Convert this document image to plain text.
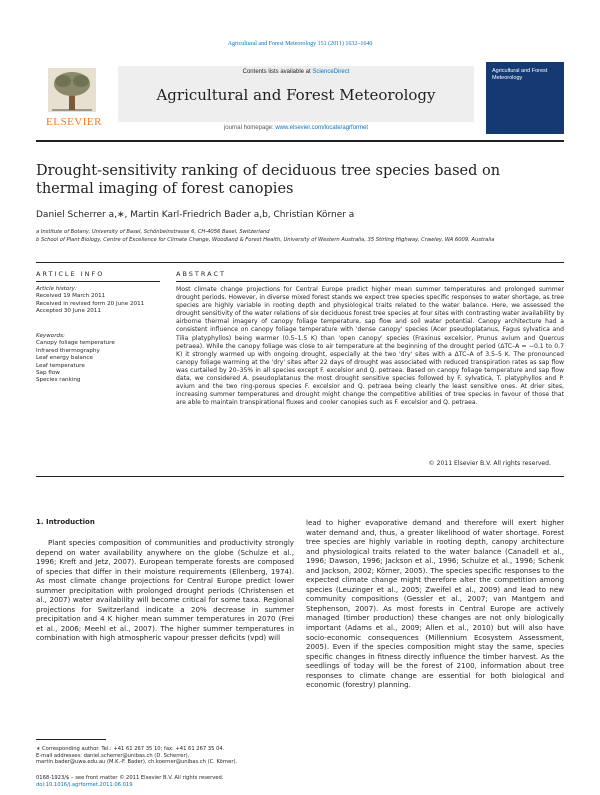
Agricultural and Forest Meteorology 151 (2011) 1632–1640
ELSEVIER
Contents lists available at ScienceDirect
Agricultural and Forest Meteorology
journal homepage: www.elsevier.com/locate/agrformet
Agricultural and Forest Meteorology
Drought-sensitivity ranking of deciduous tree species based on thermal imaging of forest canopies
Daniel Scherrer a,∗, Martin Karl-Friedrich Bader a,b, Christian Körner a
a Institute of Botany, University of Basel, Schönbeinstrasse 6, CH-4056 Basel, Switzerland
b School of Plant Biology, Centre of Excellence for Climate Change, Woodland & Forest Health, University of Western Australia, 35 Stirling Highway, Crawley, WA 6009, Australia
ARTICLE INFO	ABSTRACT
Article history:
Received 19 March 2011
Received in revised form 20 June 2011
Accepted 30 June 2011
Keywords:
Canopy foliage temperature
Infrared thermography
Leaf energy balance
Leaf temperature
Sap flow
Species ranking
Most climate change projections for Central Europe predict higher mean summer temperatures and prolonged summer drought periods. However, in diverse mixed forest stands we expect tree species specific responses to water shortage, as tree species are highly variable in rooting depth and physiological traits related to the water balance. Here, we assessed the drought sensitivity of the water relations of six deciduous forest tree species at four sites with contrasting water availability by airborne thermal imagery of canopy foliage temperature, sap flow and soil water potential. Canopy architecture had a consistent influence on canopy foliage temperature with 'dense canopy' species (Acer pseudoplatanus, Fagus sylvatica and Tilia platyphyllos) being warmer (0.5–1.5 K) than 'open canopy' species (Fraxinus excelsior, Prunus avium and Quercus petraea). While the canopy foliage was close to air temperature at the beginning of the drought period (ΔTC–A = −0.1 to 0.7 K) it strongly warmed up with ongoing drought, especially at the two 'dry' sites with a ΔTC–A of 3.5–5 K. The pronounced canopy foliage warming at the 'dry' sites after 22 days of drought was associated with reduced transpiration rates as sap flow was curtailed by 20–35% in all species except F. excelsior and Q. petraea. Based on canopy foliage temperature and sap flow data, we considered A. pseudoplatanus the most drought sensitive species followed by F. sylvatica, T. platyphyllos and P. avium and the two ring-porous species F. excelsior and Q. petraea being clearly the least sensitive ones. At drier sites, increasing summer temperatures and drought might change the competitive abilities of tree species in favour of those that are able to maintain transpirational fluxes and cooler canopies such as F. excelsior and Q. petraea.
© 2011 Elsevier B.V. All rights reserved.
1. Introduction
Plant species composition of communities and productivity strongly depend on water availability anywhere on the globe (Schulze et al., 1996; Kreft and Jetz, 2007). European temperate forests are composed of species that differ in their moisture requirements (Ellenberg, 1974). As most climate change projections for Central Europe predict lower summer precipitation with prolonged drought periods (Christensen et al., 2007) water availability will become critical for some taxa. Regional projections for Switzerland indicate a 20% decrease in summer precipitation and 4 K higher mean summer temperatures in 2070 (Frei et al., 2006; Meehl et al., 2007). The higher summer temperatures in combination with high atmospheric vapour presser deficits (vpd) will
lead to higher evaporative demand and therefore will exert higher water demand and, thus, a greater likelihood of water shortage. Forest tree species are highly variable in rooting depth, canopy architecture and physiological traits related to the water balance (Canadell et al., 1996; Dawson, 1996; Jackson et al., 1996; Schulze et al., 1996; Schenk and Jackson, 2002; Körner, 2005). The species specific responses to the expected climate change might therefore alter the competition among species (Leuzinger et al., 2005; Zweifel et al., 2009) and lead to new community compositions (Gessler et al., 2007; van Mantgem and Stephenson, 2007). As most forests in Central Europe are actively managed (timber production) these changes are not only biologically important (Adams et al., 2009; Allen et al., 2010) but will also have socio-economic consequences (Millennium Ecosystem Assessment, 2005). Even if the species composition might stay the same, species specific changes in fitness directly influence the timber harvest. As the seedlings of today will be the forest of 2100, information about tree responses to climate change are essential for both biological and economic (forestry) planning.
∗ Corresponding author. Tel.: +41 61 267 35 10; fax: +41 61 267 35 04.
E-mail addresses: daniel.scherrer@unibas.ch (D. Scherrer),
martin.bader@uwa.edu.au (M.K.-F. Bader), ch.koerner@unibas.ch (C. Körner).
0168-1923/$ – see front matter © 2011 Elsevier B.V. All rights reserved.
doi:10.1016/j.agrformet.2011.06.019
